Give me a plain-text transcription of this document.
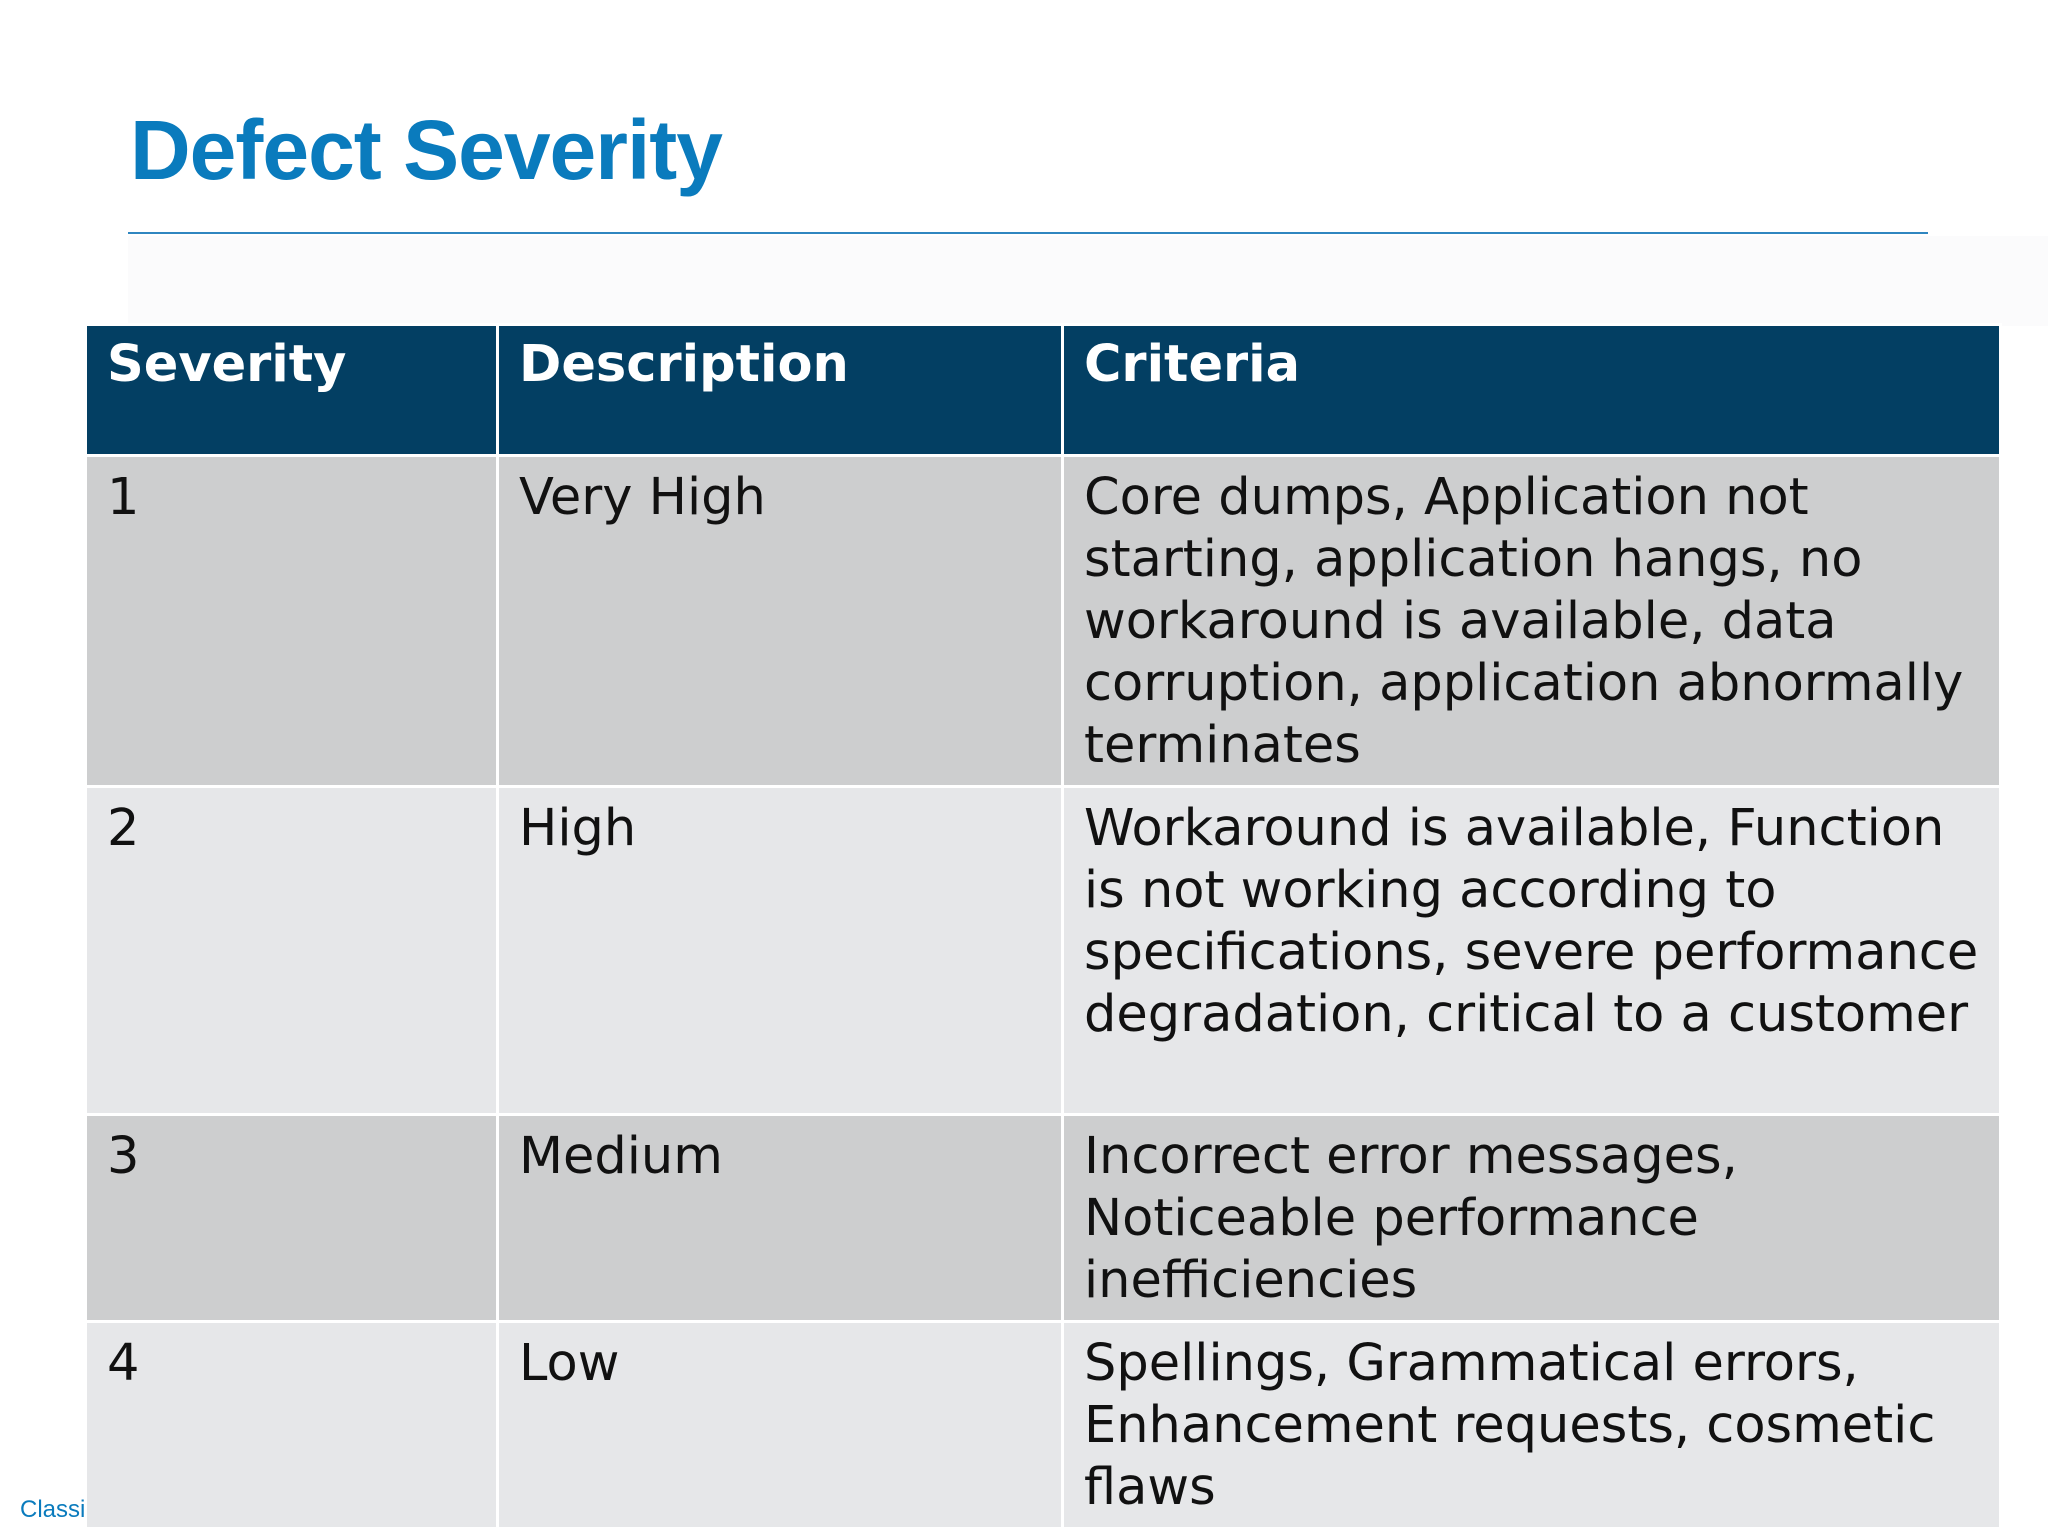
Defect Severity
Severity	Description	Criteria
1	Very High	Core dumps, Application not starting, application hangs, no workaround is available, data corruption, application abnormally terminates
2	High	Workaround is available, Function is not working according to specifications, severe performance degradation, critical to a customer
3	Medium	Incorrect error messages, Noticeable performance inefficiencies
4	Low	Spellings, Grammatical errors, Enhancement requests, cosmetic flaws
Classi
